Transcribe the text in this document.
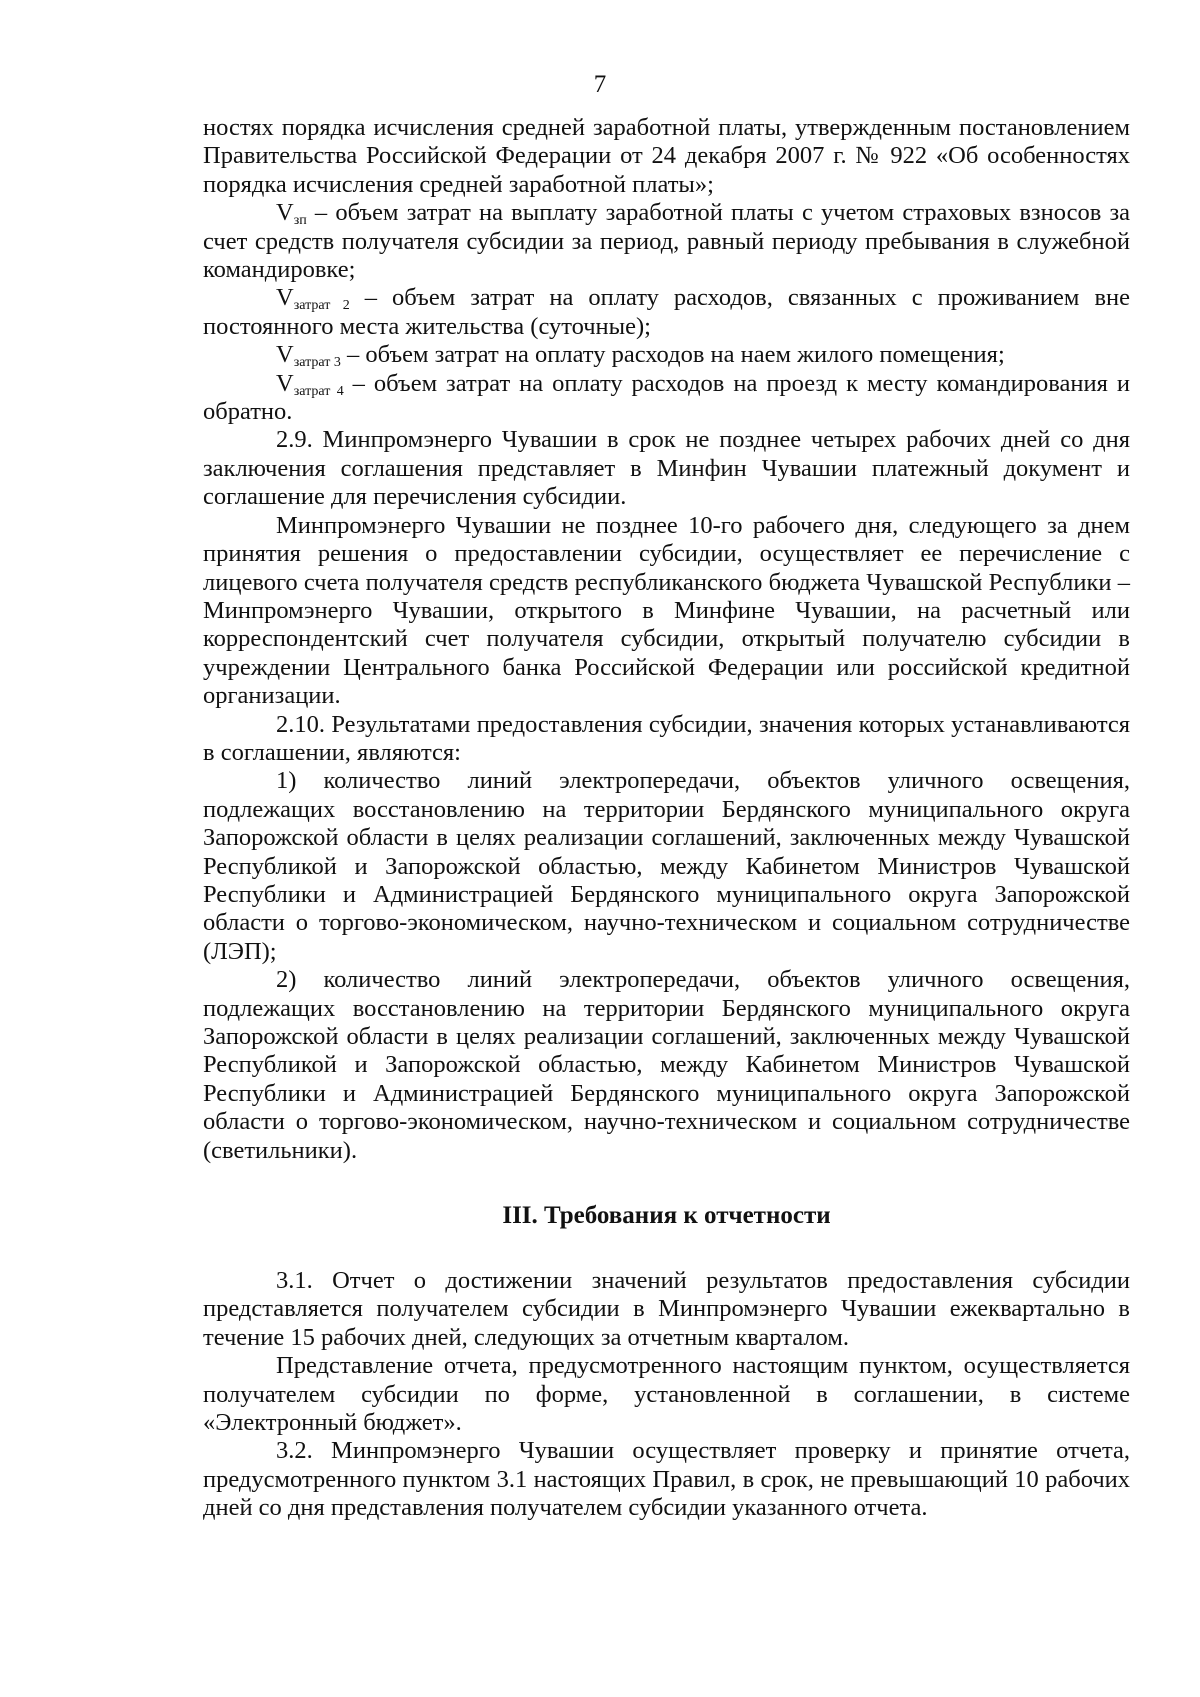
7

ностях порядка исчисления средней заработной платы, утвержденным постановлением Правительства Российской Федерации от 24 декабря 2007 г. № 922 «Об особенностях порядка исчисления средней заработной платы»;

Vзп – объем затрат на выплату заработной платы с учетом страховых взносов за счет средств получателя субсидии за период, равный периоду пребывания в служебной командировке;

Vзатрат 2 – объем затрат на оплату расходов, связанных с проживанием вне постоянного места жительства (суточные);

Vзатрат 3 – объем затрат на оплату расходов на наем жилого помещения;

Vзатрат 4 – объем затрат на оплату расходов на проезд к месту командирования и обратно.

2.9. Минпромэнерго Чувашии в срок не позднее четырех рабочих дней со дня заключения соглашения представляет в Минфин Чувашии платежный документ и соглашение для перечисления субсидии.

Минпромэнерго Чувашии не позднее 10-го рабочего дня, следующего за днем принятия решения о предоставлении субсидии, осуществляет ее перечисление с лицевого счета получателя средств республиканского бюджета Чувашской Республики – Минпромэнерго Чувашии, открытого в Минфине Чувашии, на расчетный или корреспондентский счет получателя субсидии, открытый получателю субсидии в учреждении Центрального банка Российской Федерации или российской кредитной организации.

2.10. Результатами предоставления субсидии, значения которых устанавливаются в соглашении, являются:

1) количество линий электропередачи, объектов уличного освещения, подлежащих восстановлению на территории Бердянского муниципального округа Запорожской области в целях реализации соглашений, заключенных между Чувашской Республикой и Запорожской областью, между Кабинетом Министров Чувашской Республики и Администрацией Бердянского муниципального округа Запорожской области о торгово-экономическом, научно-техническом и социальном сотрудничестве (ЛЭП);

2) количество линий электропередачи, объектов уличного освещения, подлежащих восстановлению на территории Бердянского муниципального округа Запорожской области в целях реализации соглашений, заключенных между Чувашской Республикой и Запорожской областью, между Кабинетом Министров Чувашской Республики и Администрацией Бердянского муниципального округа Запорожской области о торгово-экономическом, научно-техническом и социальном сотрудничестве (светильники).

III. Требования к отчетности

3.1. Отчет о достижении значений результатов предоставления субсидии представляется получателем субсидии в Минпромэнерго Чувашии ежеквартально в течение 15 рабочих дней, следующих за отчетным кварталом.

Представление отчета, предусмотренного настоящим пунктом, осуществляется получателем субсидии по форме, установленной в соглашении, в системе «Электронный бюджет».

3.2. Минпромэнерго Чувашии осуществляет проверку и принятие отчета, предусмотренного пунктом 3.1 настоящих Правил, в срок, не превышающий 10 рабочих дней со дня представления получателем субсидии указанного отчета.
